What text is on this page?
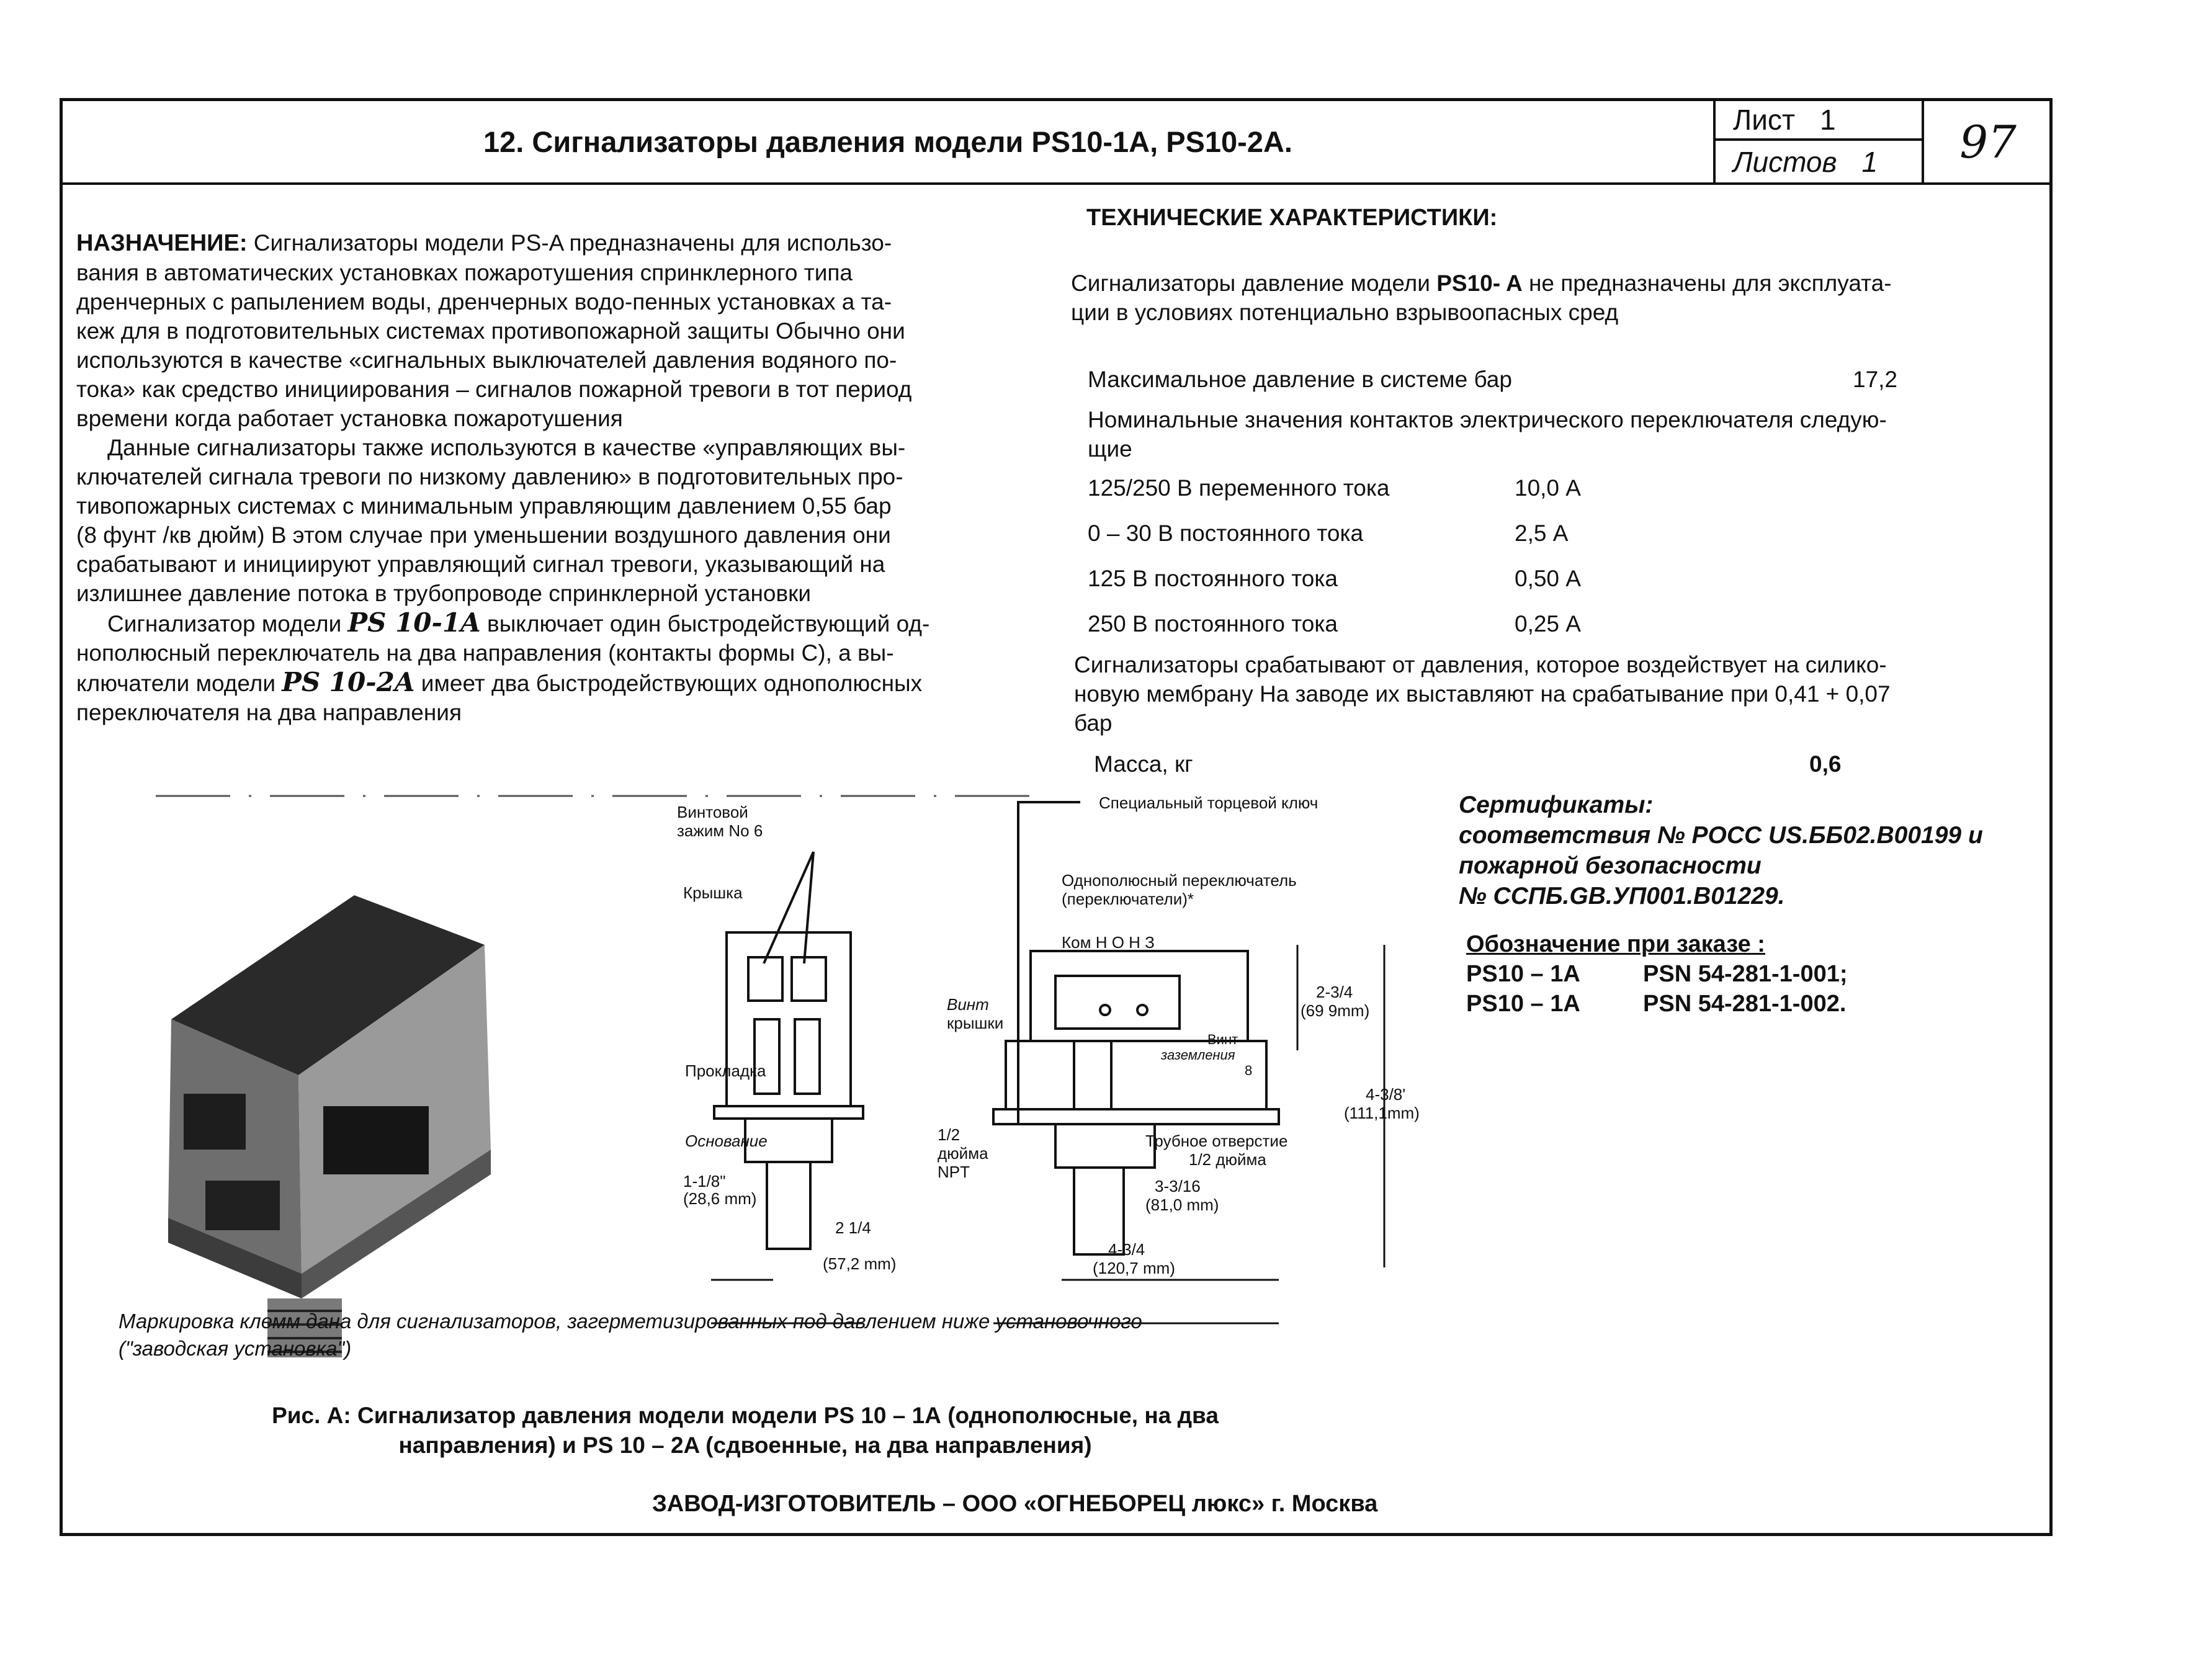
12. Сигнализаторы давления модели PS10-1А, PS10-2A.
Лист 1
Листов 1	97
НАЗНАЧЕНИЕ: Сигнализаторы модели PS-A предназначены для использо-
вания в автоматических установках пожаротушения спринклерного типа
дренчерных с рапылением воды, дренчерных водо-пенных установках а та-
кеж для в подготовительных системах противопожарной защиты Обычно они
используются в качестве «сигнальных выключателей давления водяного по-
тока» как средство инициирования – сигналов пожарной тревоги в тот период
времени когда работает установка пожаротушения
Данные сигнализаторы также используются в качестве «управляющих вы-
ключателей сигнала тревоги по низкому давлению» в подготовительных про-
тивопожарных системах с минимальным управляющим давлением 0,55 бар
(8 фунт /кв дюйм) В этом случае при уменьшении воздушного давления они
срабатывают и инициируют управляющий сигнал тревоги, указывающий на
излишнее давление потока в трубопроводе спринклерной установки
Сигнализатор модели PS 10-1A выключает один быстродействующий од-
нополюсный переключатель на два направления (контакты формы С), а вы-
ключатели модели PS 10-2A имеет два быстродействующих однополюсных
переключателя на два направления
ТЕХНИЧЕСКИЕ ХАРАКТЕРИСТИКИ:
Сигнализаторы давление модели PS10- A не предназначены для эксплуата-
ции в условиях потенциально взрывоопасных сред
Максимальное давление в системе бар	17,2
Номинальные значения контактов электрического переключателя следую-
щие
125/250 В переменного тока	10,0 А
0 – 30 В постоянного тока	2,5 А
125 В постоянного тока	0,50 А
250 В постоянного тока	0,25 А
Сигнализаторы срабатывают от давления, которое воздействует на силико-
новую мембрану На заводе их выставляют на срабатывание при 0,41 + 0,07
бар
Масса, кг	0,6
Сертификаты:
соответствия № РОСС US.ББ02.В00199 и
пожарной безопасности
№ ССПБ.GB.УП001.В01229.
Обозначение при заказе :
PS10 – 1А	PSN 54-281-1-001;
PS10 – 1А	PSN 54-281-1-002.
Винтовой
зажим No 6
Крышка
Прокладка
Основание	1/2
дюйма
NPT
1-1/8"
(28,6 mm)
2 1/4
(57,2 mm)
Специальный торцевой ключ
Однополюсный переключатель
(переключатели)*
Ком Н О Н З
Винт
крышки
Винт
заземления
8
2-3/4
(69 9mm)
4-3/8'
(111,1mm)
Трубное отверстие
1/2 дюйма
3-3/16
(81,0 mm)
4-3/4
(120,7 mm)
Маркировка клемм дана для сигнализаторов, загерметизированных под давлением ниже установочного
("заводская установка")
Рис. А: Сигнализатор давления модели модели PS 10 – 1А (однополюсные, на два
направления) и PS 10 – 2A (сдвоенные, на два направления)
ЗАВОД-ИЗГОТОВИТЕЛЬ – ООО «ОГНЕБОРЕЦ люкс» г. Москва
